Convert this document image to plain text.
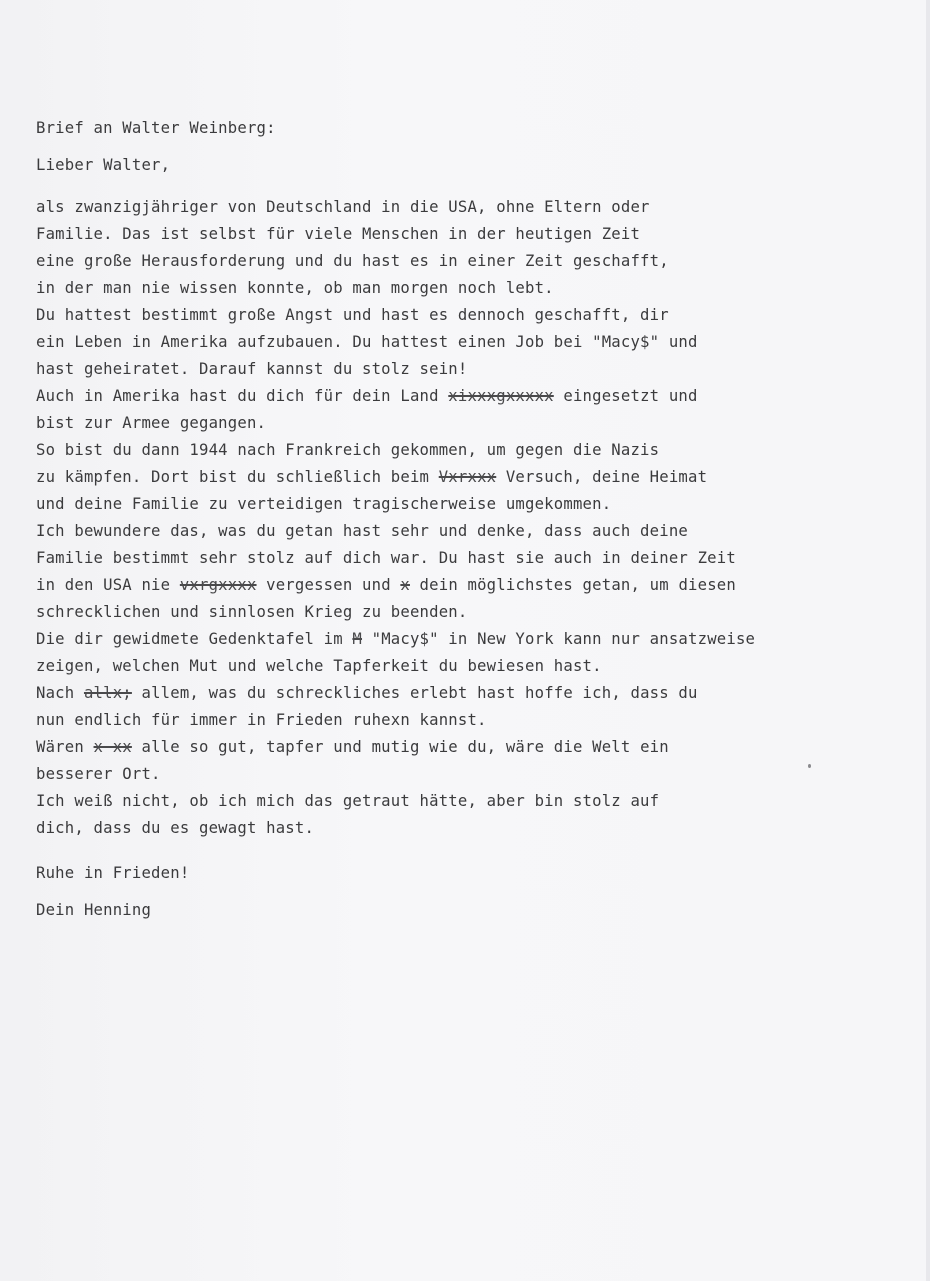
Brief an Walter Weinberg:
Lieber Walter,
als zwanzigjähriger von Deutschland in die USA, ohne Eltern oder
Familie. Das ist selbst für viele Menschen in der heutigen Zeit
eine große Herausforderung und du hast es in einer Zeit geschafft,
in der man nie wissen konnte, ob man morgen noch lebt.
Du hattest bestimmt große Angst und hast es dennoch geschafft, dir
ein Leben in Amerika aufzubauen. Du hattest einen Job bei "Macy$" und
hast geheiratet. Darauf kannst du stolz sein!
Auch in Amerika hast du dich für dein Land xixxxgxxxxx eingesetzt und
bist zur Armee gegangen.
So bist du dann 1944 nach Frankreich gekommen, um gegen die Nazis
zu kämpfen. Dort bist du schließlich beim Vxrxxx Versuch, deine Heimat
und deine Familie zu verteidigen tragischerweise umgekommen.
Ich bewundere das, was du getan hast sehr und denke, dass auch deine
Familie bestimmt sehr stolz auf dich war. Du hast sie auch in deiner Zeit
in den USA nie vxrgxxxx vergessen und x dein möglichstes getan, um diesen
schrecklichen und sinnlosen Krieg zu beenden.
Die dir gewidmete Gedenktafel im M "Macy$" in New York kann nur ansatzweise
zeigen, welchen Mut und welche Tapferkeit du bewiesen hast.
Nach allx; allem, was du schreckliches erlebt hast hoffe ich, dass du
nun endlich für immer in Frieden ruhexn kannst.
Wären x xx alle so gut, tapfer und mutig wie du, wäre die Welt ein
besserer Ort.
Ich weiß nicht, ob ich mich das getraut hätte, aber bin stolz auf
dich, dass du es gewagt hast.
Ruhe in Frieden!
Dein Henning
